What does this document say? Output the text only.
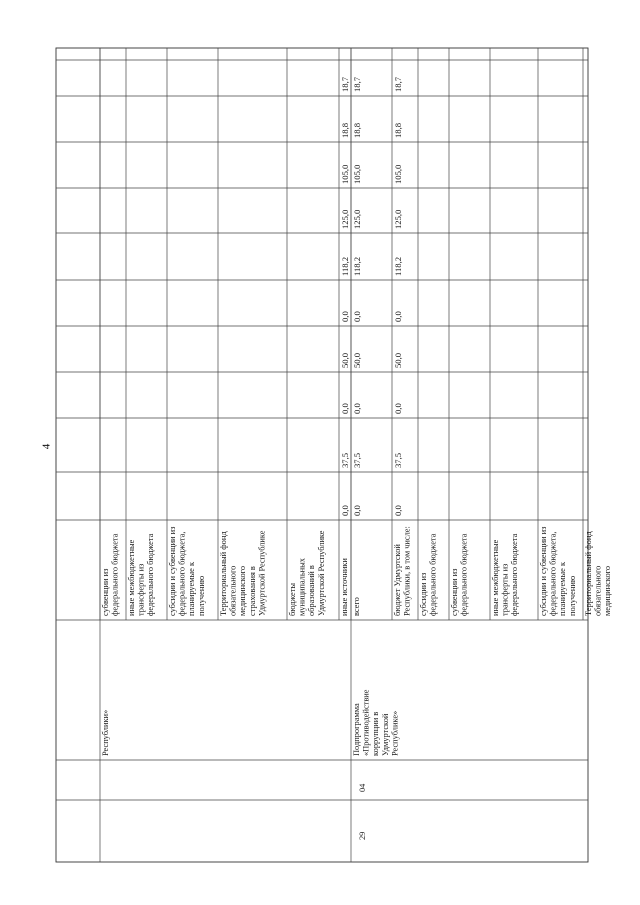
4
Республики»
субвенции из федерального бюджета иные межбюджетные трансферты из федерального бюджета субсидии и субвенции из федерального бюджета, планируемые к получению Территориальный фонд обязательного медицинского страхования в Удмуртской Республике	бюджеты муниципальных образований в Удмуртской Республике иные источники
0,0
37,5
0,0
50,0
0,0
118,2
125,0
105,0
18,8
18,7
29
04
Подпрограмма «Противодействие коррупции в Удмуртской Республике»
всего
0,0
37,5
0,0
50,0
0,0
118,2
125,0
105,0
18,8
18,7
бюджет Удмуртской Республики, в том числе:
0,0
37,5
0,0
50,0
0,0
118,2
125,0
105,0
18,8
18,7
субсидии из федерального бюджета субвенции из федерального бюджета	иные межбюджетные трансферты из федерального бюджета субсидии и субвенции из федерального бюджета, планируемые к получению Территориальный фонд обязательного медицинского
